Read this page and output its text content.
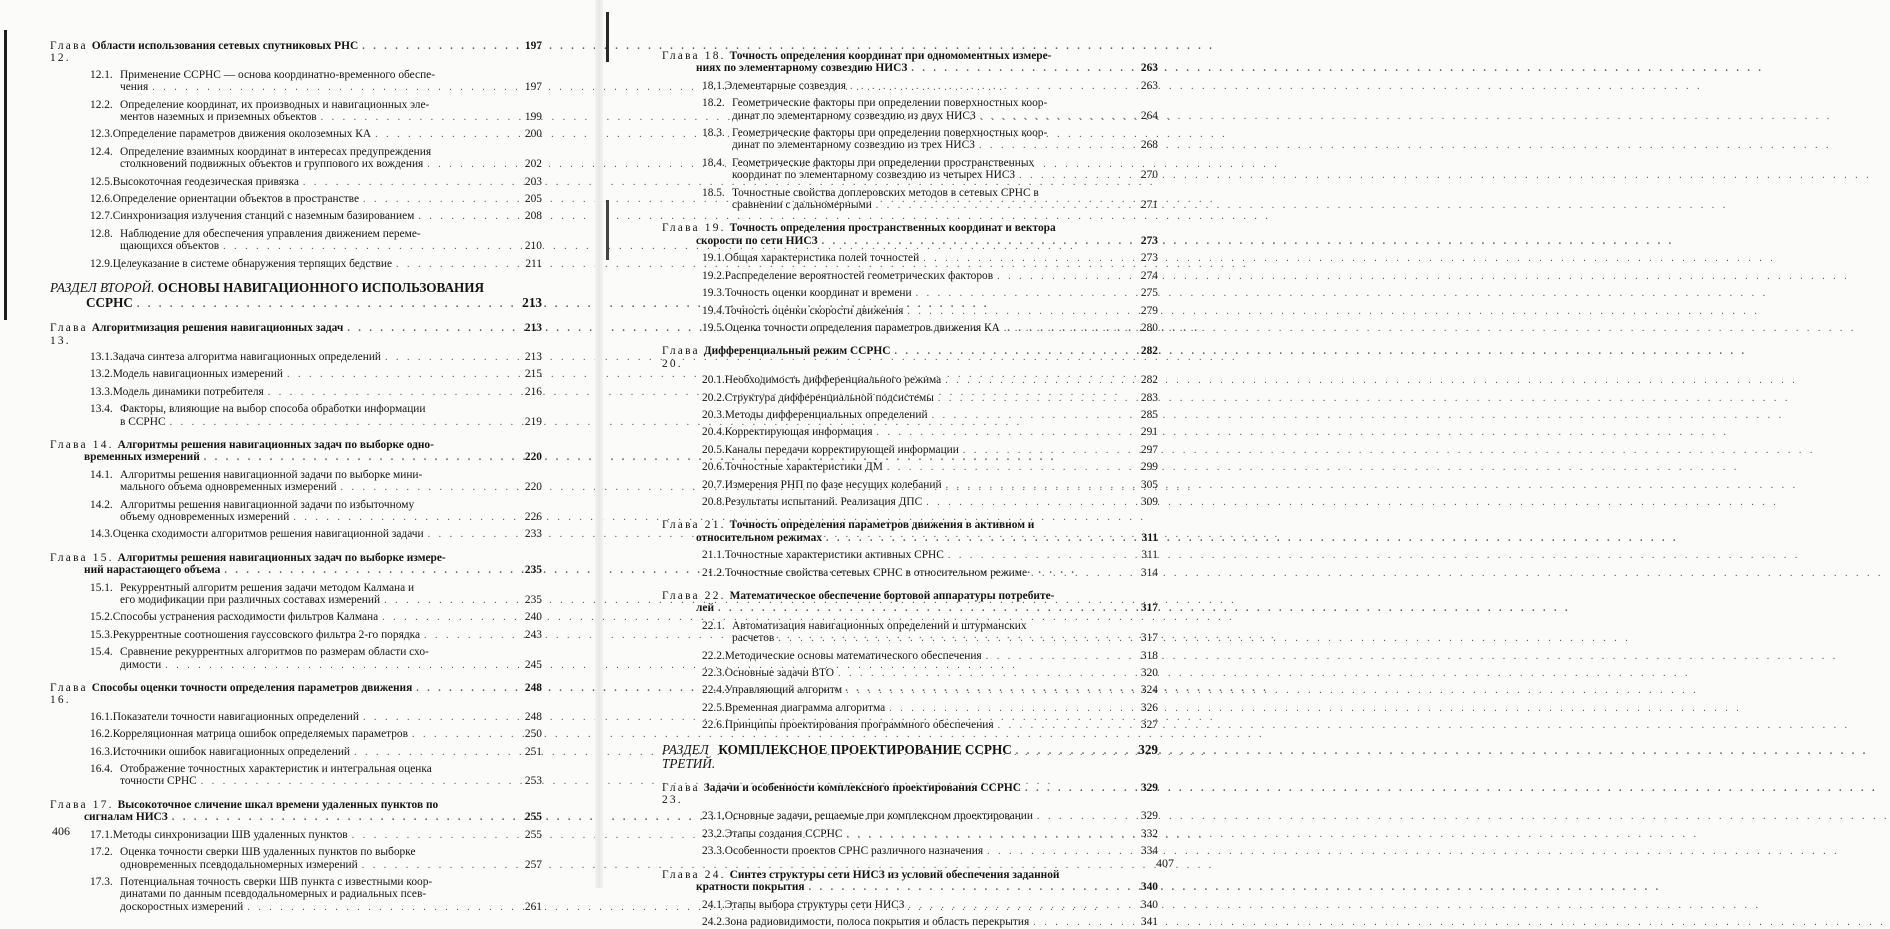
Глава 12.
Области использования сетевых спутниковых РНС . . .	197
12.1. Применение ССРНС — основа координатно-временного обеспе-
чения . . .	197
12.2. Определение координат, их производных и навигационных эле-
ментов наземных и приземных объектов . . .	199
12.3. Определение параметров движения околоземных КА . . .	200
12.4. Определение взаимных координат в интересах предупреждения
столкновений подвижных объектов и группового их вождения . . .	202
12.5. Высокоточная геодезическая привязка . . .	203
12.6. Определение ориентации объектов в пространстве . . .	205
12.7. Синхронизация излучения станций с наземным базированием . . .	208
12.8. Наблюдение для обеспечения управления движением переме-
щающихся объектов . . .	210
12.9. Целеуказание в системе обнаружения терпящих бедствие . . .	211
РАЗДЕЛ ВТОРОЙ.
ОСНОВЫ НАВИГАЦИОННОГО ИСПОЛЬЗОВАНИЯ
ССРНС . . .	213
Глава 13.
Алгоритмизация решения навигационных задач . . .	213
13.1. Задача синтеза алгоритма навигационных определений . . .	213
13.2. Модель навигационных измерений . . .	215
13.3. Модель динамики потребителя . . .	216
13.4. Факторы, влияющие на выбор способа обработки информации
в ССРНС . . .	219
Глава 14. Алгоритмы решения навигационных задач по выборке одно-
временных измерений . . .	220
14.1. Алгоритмы решения навигационной задачи по выборке мини-
мального объема одновременных измерений . . .	220
14.2. Алгоритмы решения навигационной задачи по избыточному
объему одновременных измерений . . .	226
14.3. Оценка сходимости алгоритмов решения навигационной задачи . . .	233
Глава 15. Алгоритмы решения навигационных задач по выборке измере-
ний нарастающего объема . . .	235
15.1. Рекуррентный алгоритм решения задачи методом Калмана и
его модификации при различных составах измерений . . .	235
15.2. Способы устранения расходимости фильтров Калмана . . .	240
15.3. Рекуррентные соотношения гауссовского фильтра 2-го порядка . . .	243
15.4. Сравнение рекуррентных алгоритмов по размерам области схо-
димости . . .	245
Глава 16.
Способы оценки точности определения параметров движения . . .	248
16.1. Показатели точности навигационных определений . . .	248
16.2. Корреляционная матрица ошибок определяемых параметров . . .	250
16.3. Источники ошибок навигационных определений . . .	251
16.4. Отображение точностных характеристик и интегральная оценка
точности СРНС . . .	253
Глава 17. Высокоточное сличение шкал времени удаленных пунктов по
сигналам НИСЗ . . .	255
17.1. Методы синхронизации ШВ удаленных пунктов . . .	255
17.2. Оценка точности сверки ШВ удаленных пунктов по выборке
одновременных псевдодальномерных измерений . . .	257
17.3. Потенциальная точность сверки ШВ пункта с известными коор-
динатами по данным псевдодальномерных и радиальных псев-
доскоростных измерений . . .	261
406
Глава 18. Точность определения координат при одномоментных измере-
ниях по элементарному созвездию НИСЗ . . .	263
18.1. Элементарные созвездия . . .	263
18.2. Геометрические факторы при определении поверхностных коор-
динат по элементарному созвездию из двух НИСЗ . . .	264
18.3. Геометрические факторы при определении поверхностных коор-
динат по элементарному созвездию из трех НИСЗ . . .	268
18.4. Геометрические факторы при определении пространственных
координат по элементарному созвездию из четырех НИСЗ . . .	270
18.5. Точностные свойства доплеровских методов в сетевых СРНС в
сравнении с дальномерными . . .	271
Глава 19. Точность определения пространственных координат и вектора
скорости по сети НИСЗ . . .	273
19.1. Общая характеристика полей точностей . . .	273
19.2. Распределение вероятностей геометрических факторов . . .	274
19.3. Точность оценки координат и времени . . .	275
19.4. Точность оценки скорости движения . . .	279
19.5. Оценка точности определения параметров движения КА . . .	280
Глава 20.
Дифференциальный режим ССРНС . . .	282
20.1. Необходимость дифференциального режима . . .	282
20.2. Структура дифференциальной подсистемы . . .	283
20.3. Методы дифференциальных определений . . .	285
20.4. Корректирующая информация . . .	291
20.5. Каналы передачи корректирующей информации . . .	297
20.6. Точностные характеристики ДМ . . .	299
20.7. Измерения РНП по фазе несущих колебаний . . .	305
20.8. Результаты испытаний. Реализация ДПС . . .	309
Глава 21. Точность определения параметров движения в активном и
относительном режимах . . .	311
21.1. Точностные характеристики активных СРНС . . .	311
21.2. Точностные свойства сетевых СРНС в относительном режиме . . .	314
Глава 22. Математическое обеспечение бортовой аппаратуры потребите-
лей . . .	317
22.1. Автоматизация навигационных определений и штурманских
расчетов . . .	317
22.2. Методические основы математического обеспечения . . .	318
22.3. Основные задачи ВТО . . .	320
22.4. Управляющий алгоритм . . .	324
22.5. Временная диаграмма алгоритма . . .	326
22.6. Принципы проектирования программного обеспечения . . .	327
РАЗДЕЛ ТРЕТИЙ.

КОМПЛЕКСНОЕ ПРОЕКТИРОВАНИЕ ССРНС . . .	329
Глава 23.
Задачи и особенности комплексного проектирования ССРНС . . .	329
23.1. Основные задачи, решаемые при комплексном проектировании . . .	329
23.2. Этапы создания ССРНС . . .	332
23.3. Особенности проектов СРНС различного назначения . . .	334
Глава 24. Синтез структуры сети НИСЗ из условий обеспечения заданной
кратности покрытия . . .	340
24.1. Этапы выбора структуры сети НИСЗ . . .	340
24.2. Зона радиовидимости, полоса покрытия и область перекрытия . . .	341
407
